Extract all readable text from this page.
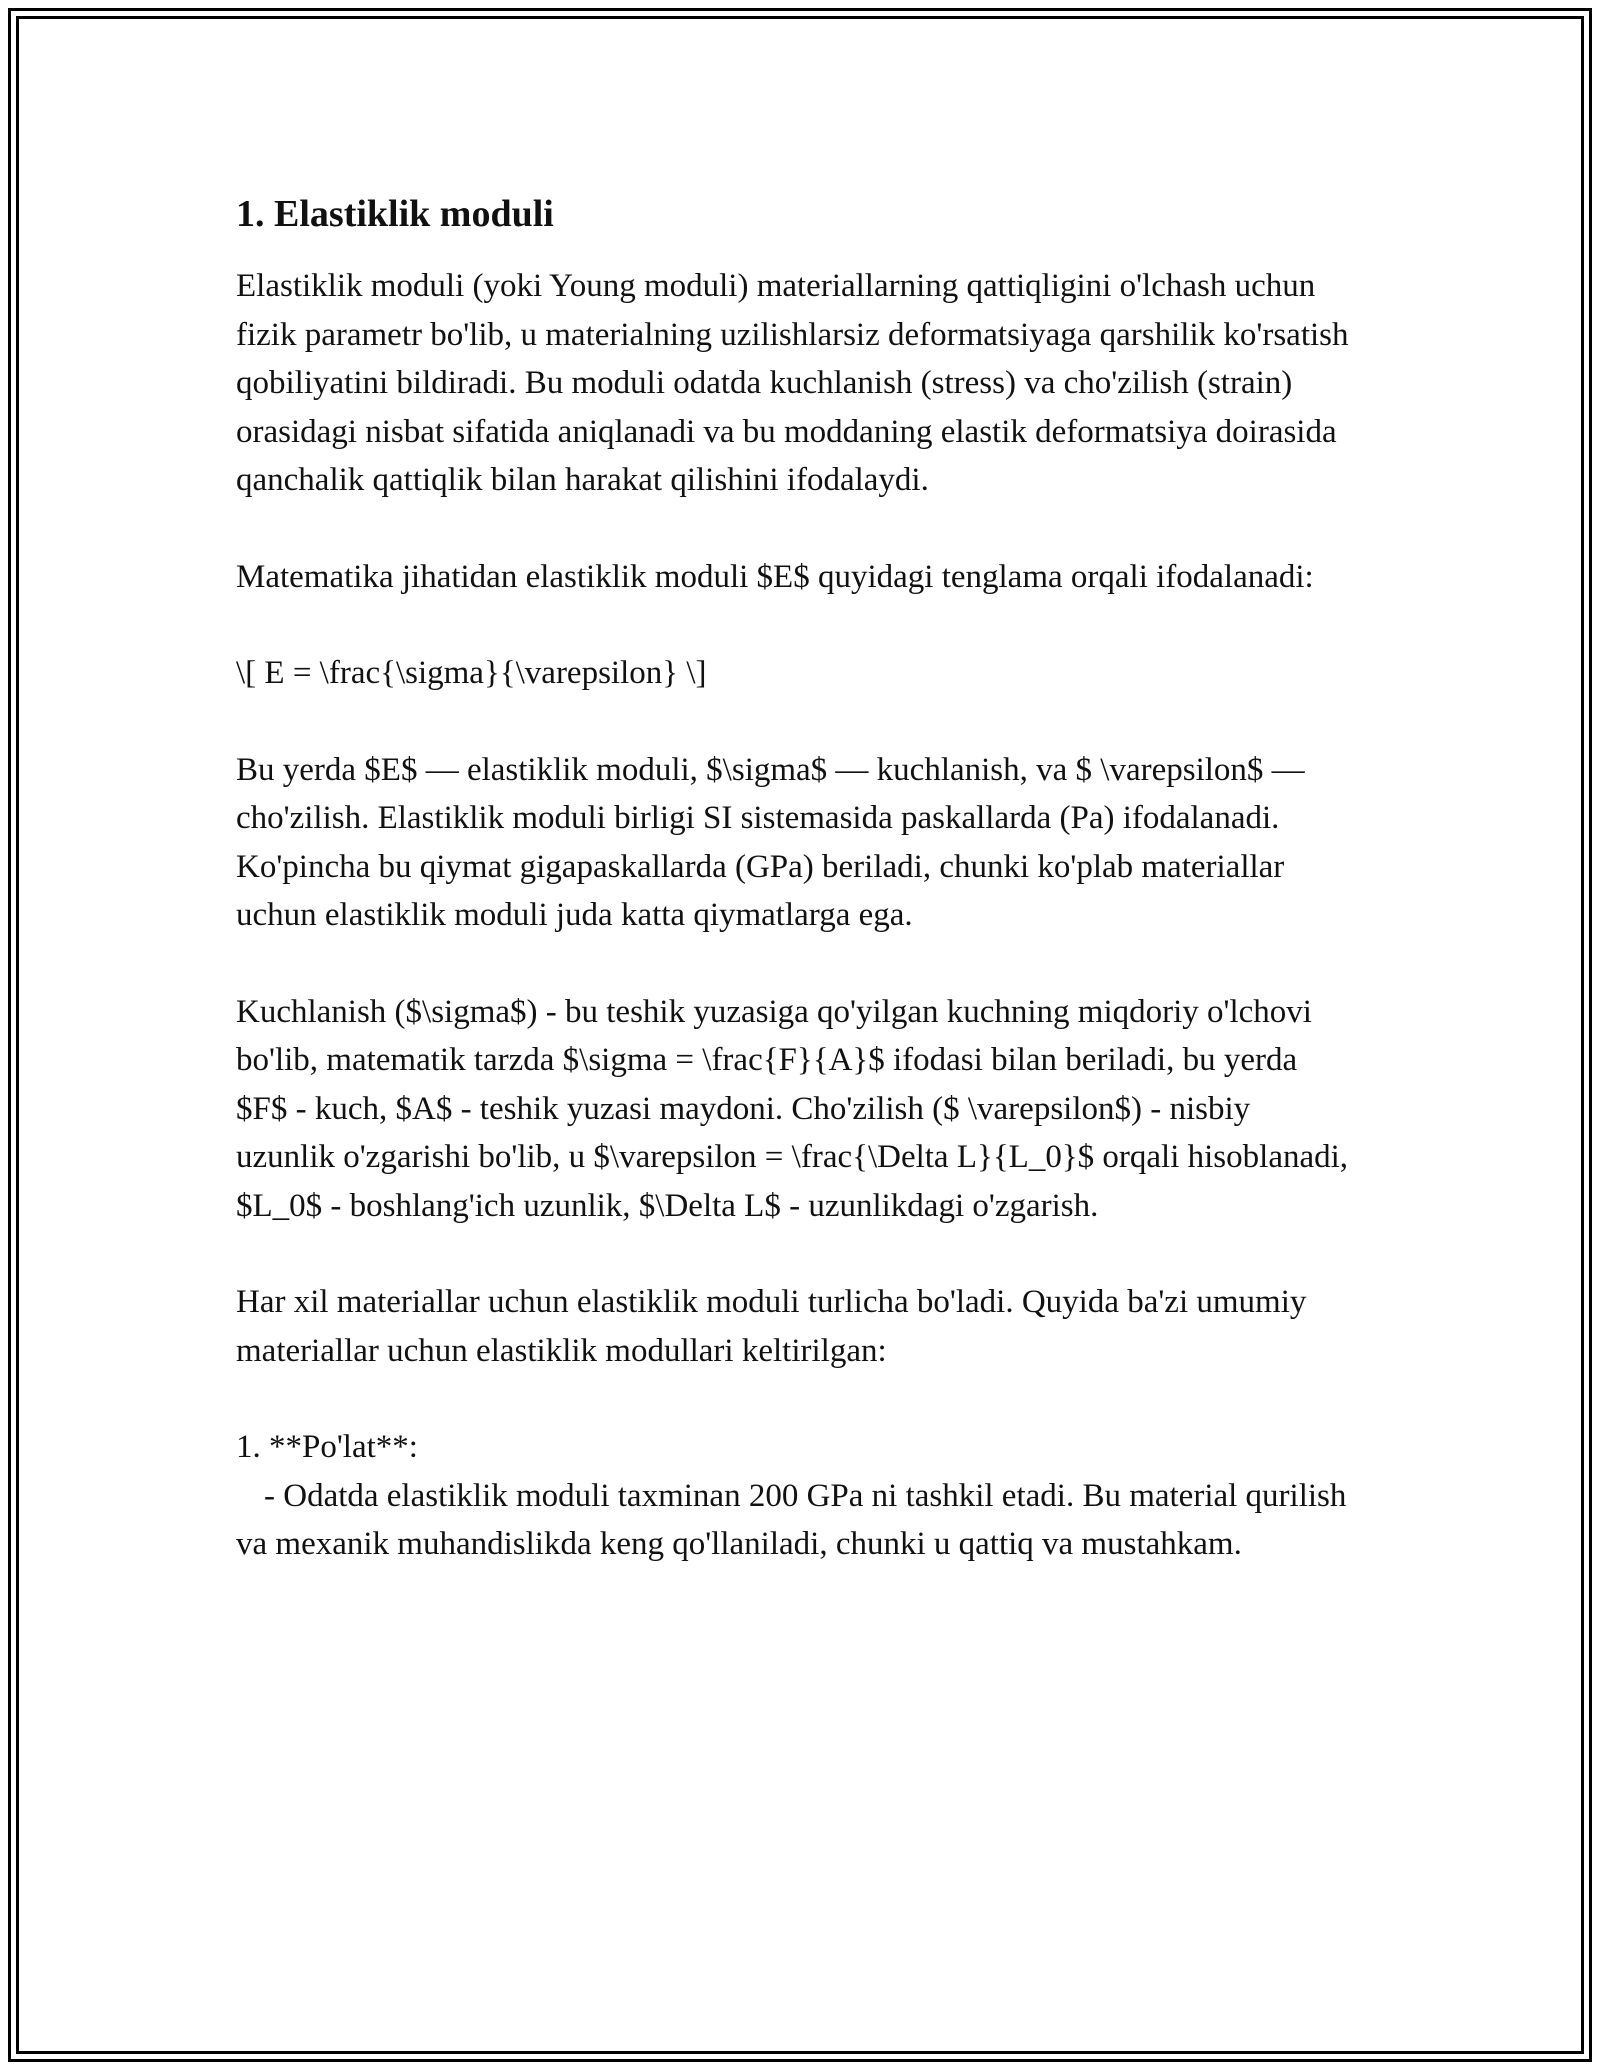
1. Elastiklik moduli

Elastiklik moduli (yoki Young moduli) materiallarning qattiqligini o'lchash uchun fizik parametr bo'lib, u materialning uzilishlarsiz deformatsiyaga qarshilik ko'rsatish qobiliyatini bildiradi. Bu moduli odatda kuchlanish (stress) va cho'zilish (strain) orasidagi nisbat sifatida aniqlanadi va bu moddaning elastik deformatsiya doirasida qanchalik qattiqlik bilan harakat qilishini ifodalaydi.

Matematika jihatidan elastiklik moduli $E$ quyidagi tenglama orqali ifodalanadi:

\[ E = \frac{\sigma}{\varepsilon} \]

Bu yerda $E$ — elastiklik moduli, $\sigma$ — kuchlanish, va $ \varepsilon$ — cho'zilish. Elastiklik moduli birligi SI sistemasida paskallarda (Pa) ifodalanadi. Ko'pincha bu qiymat gigapaskallarda (GPa) beriladi, chunki ko'plab materiallar uchun elastiklik moduli juda katta qiymatlarga ega.

Kuchlanish ($\sigma$) - bu teshik yuzasiga qo'yilgan kuchning miqdoriy o'lchovi bo'lib, matematik tarzda $\sigma = \frac{F}{A}$ ifodasi bilan beriladi, bu yerda $F$ - kuch, $A$ - teshik yuzasi maydoni. Cho'zilish ($ \varepsilon$) - nisbiy uzunlik o'zgarishi bo'lib, u $\varepsilon = \frac{\Delta L}{L_0}$ orqali hisoblanadi, $L_0$ - boshlang'ich uzunlik, $\Delta L$ - uzunlikdagi o'zgarish.

Har xil materiallar uchun elastiklik moduli turlicha bo'ladi. Quyida ba'zi umumiy materiallar uchun elastiklik modullari keltirilgan:

1. **Po'lat**:

- Odatda elastiklik moduli taxminan 200 GPa ni tashkil etadi. Bu material qurilish va mexanik muhandislikda keng qo'llaniladi, chunki u qattiq va mustahkam.
